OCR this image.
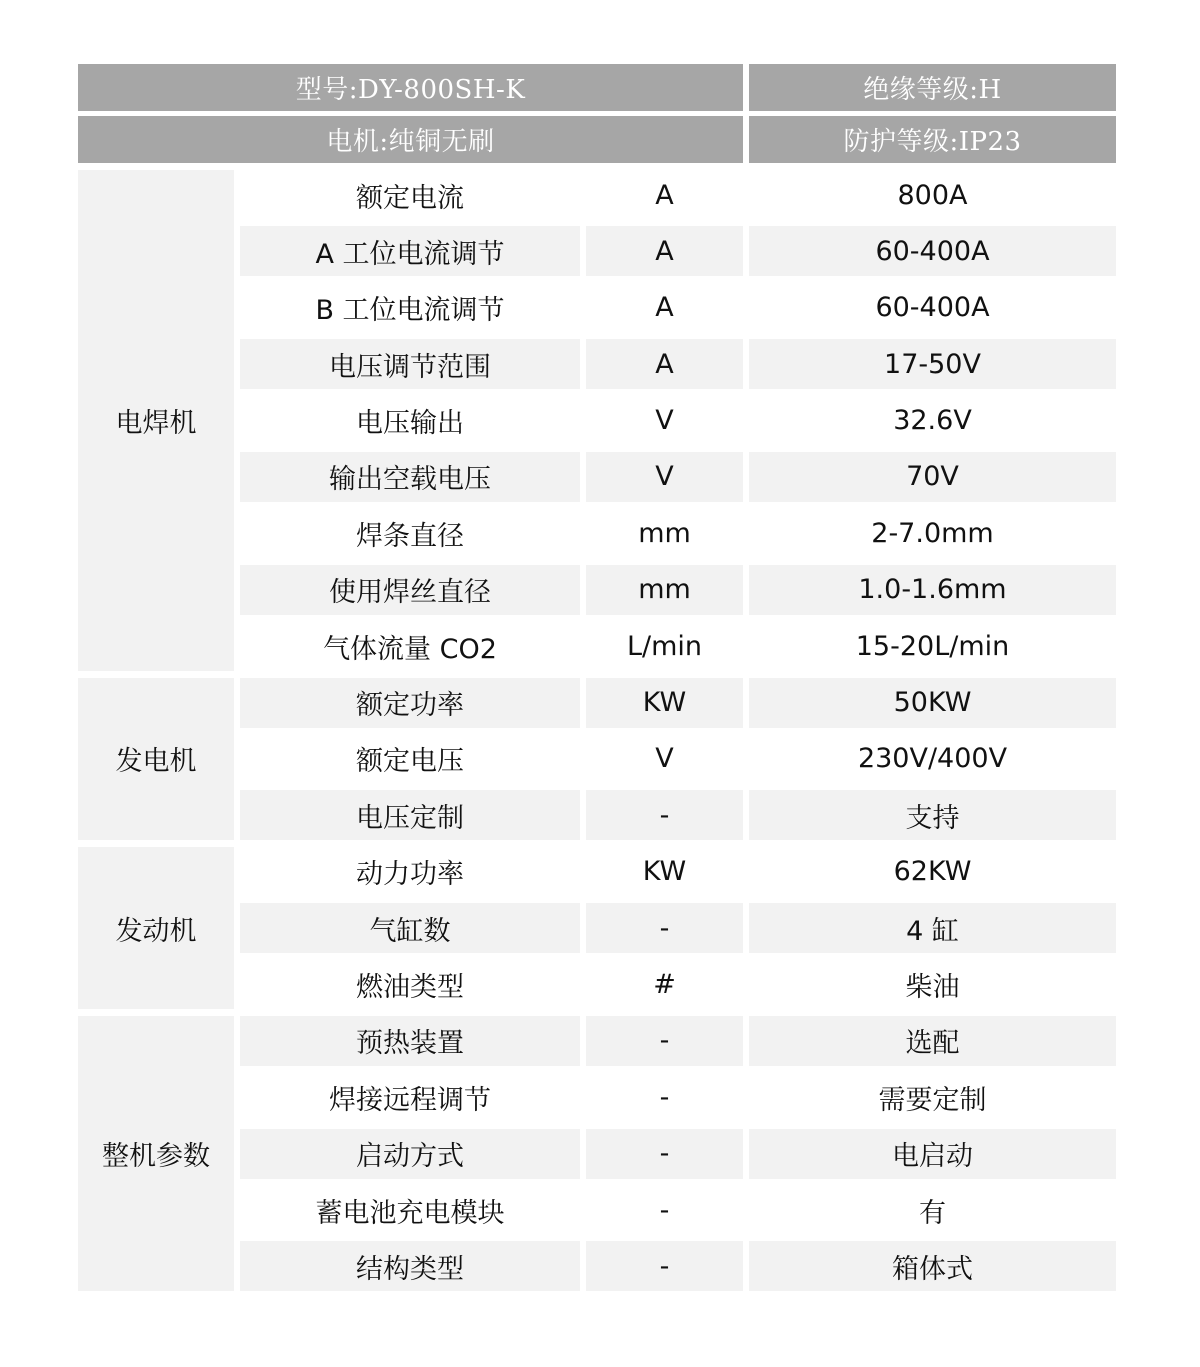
型号:DY-800SH-K	绝缘等级:H
电机:纯铜无刷	防护等级:IP23
电焊机
额定电流	A	800A
A 工位电流调节	A	60-400A
B 工位电流调节	A	60-400A
电压调节范围	A	17-50V
电压输出	V	32.6V
输出空载电压	V	70V
焊条直径	mm	2-7.0mm
使用焊丝直径	mm	1.0-1.6mm
气体流量 CO2	L/min	15-20L/min
发电机
额定功率	KW	50KW
额定电压	V	230V/400V
电压定制	-	支持
发动机
动力功率	KW	62KW
气缸数	-	4 缸
燃油类型	#	柴油
整机参数
预热装置	-	选配
焊接远程调节	-	需要定制
启动方式	-	电启动
蓄电池充电模块	-	有
结构类型	-	箱体式
